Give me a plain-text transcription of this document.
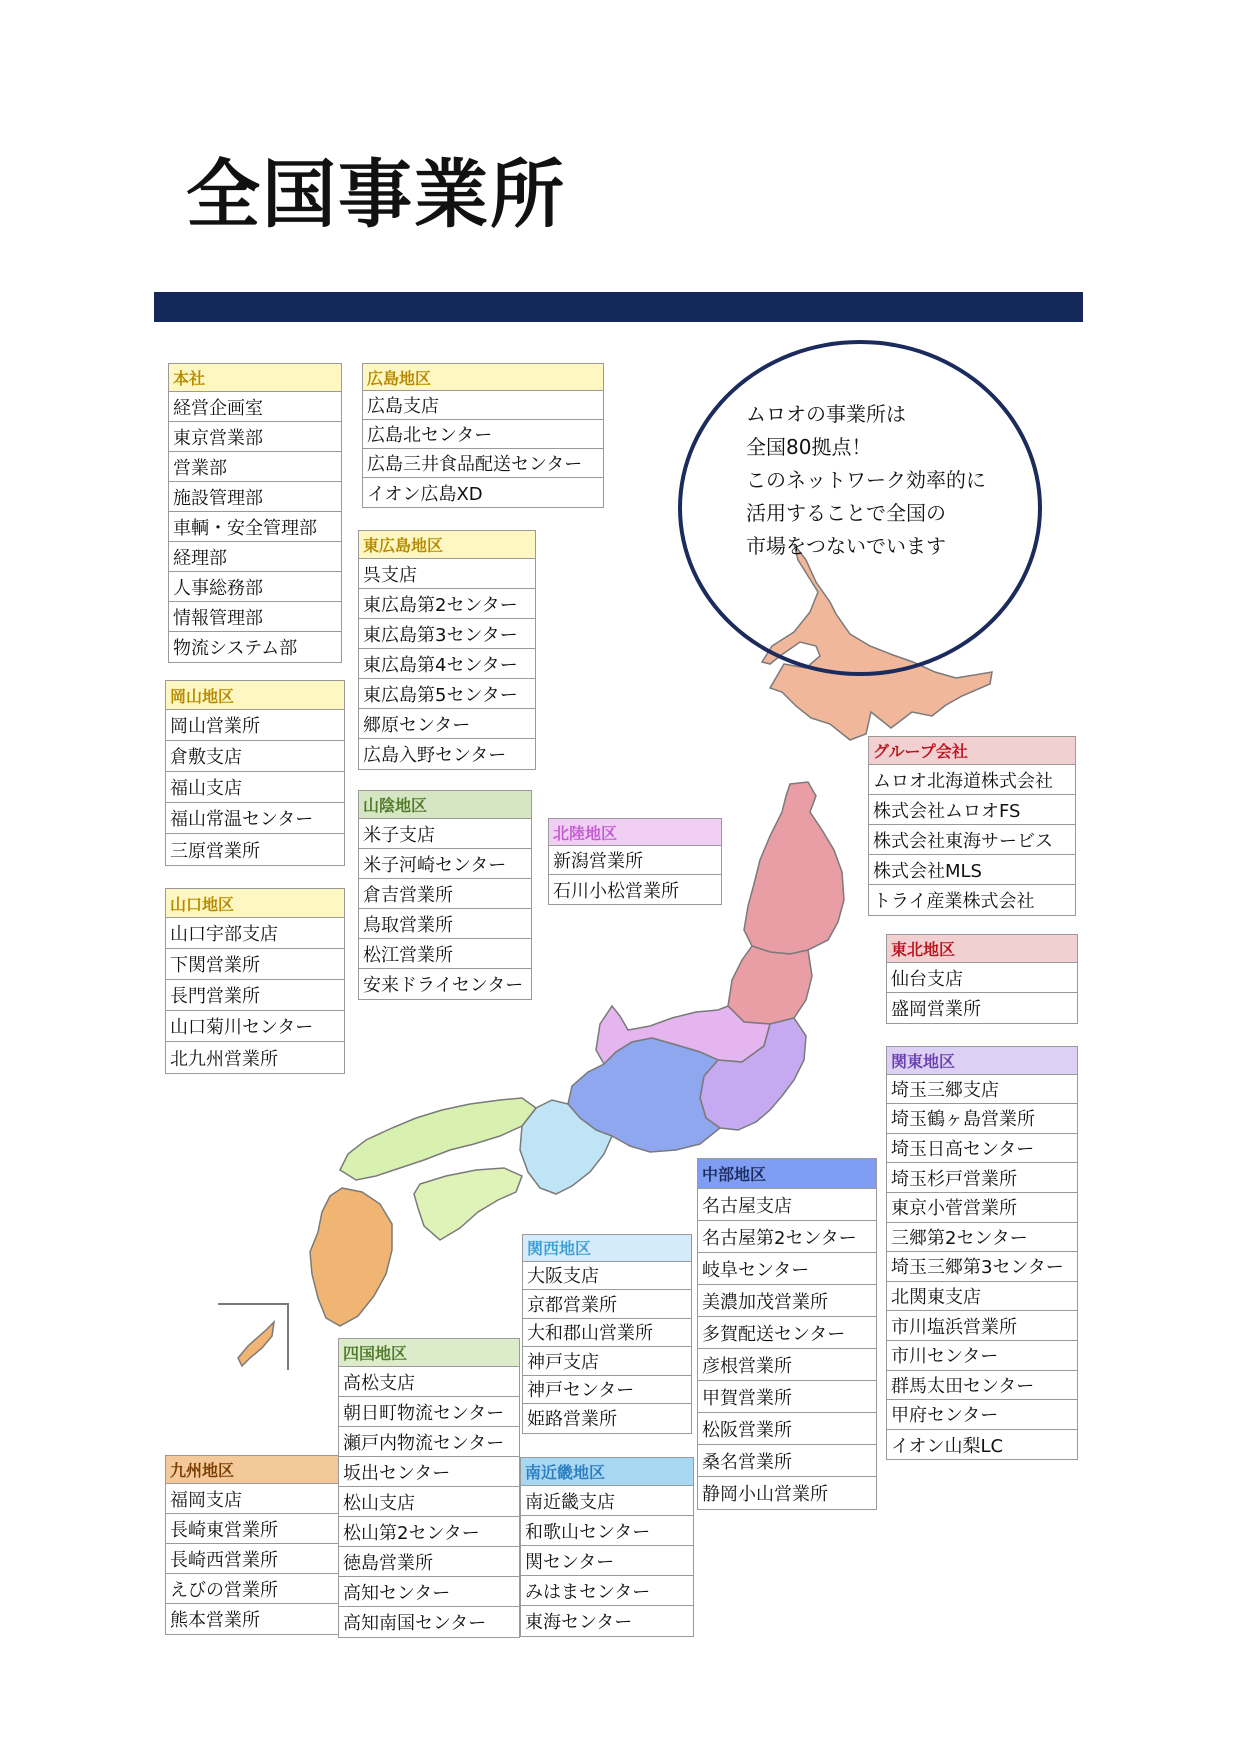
全国事業所
ムロオの事業所は
全国80拠点！
このネットワーク効率的に
活用することで全国の
市場をつないでいます
本社
経営企画室
東京営業部
営業部
施設管理部
車輌・安全管理部
経理部
人事総務部
情報管理部
物流システム部
広島地区
広島支店
広島北センター
広島三井食品配送センター
イオン広島XD
東広島地区
呉支店
東広島第2センター
東広島第3センター
東広島第4センター
東広島第5センター
郷原センター
広島入野センター
岡山地区
岡山営業所
倉敷支店
福山支店
福山常温センター
三原営業所
山陰地区
米子支店
米子河崎センター
倉吉営業所
鳥取営業所
松江営業所
安来ドライセンター
北陸地区
新潟営業所
石川小松営業所
山口地区
山口宇部支店
下関営業所
長門営業所
山口菊川センター
北九州営業所
グループ会社
ムロオ北海道株式会社
株式会社ムロオFS
株式会社東海サービス
株式会社MLS
トライ産業株式会社
東北地区
仙台支店
盛岡営業所
関東地区
埼玉三郷支店
埼玉鶴ヶ島営業所
埼玉日高センター
埼玉杉戸営業所
東京小菅営業所
三郷第2センター
埼玉三郷第3センター
北関東支店
市川塩浜営業所
市川センター
群馬太田センター
甲府センター
イオン山梨LC
中部地区
名古屋支店
名古屋第2センター
岐阜センター
美濃加茂営業所
多賀配送センター
彦根営業所
甲賀営業所
松阪営業所
桑名営業所
静岡小山営業所
関西地区
大阪支店
京都営業所
大和郡山営業所
神戸支店
神戸センター
姫路営業所
四国地区
高松支店
朝日町物流センター
瀬戸内物流センター
坂出センター
松山支店
松山第2センター
徳島営業所
高知センター
高知南国センター
南近畿地区
南近畿支店
和歌山センター
関センター
みはまセンター
東海センター
九州地区
福岡支店
長崎東営業所
長崎西営業所
えびの営業所
熊本営業所
